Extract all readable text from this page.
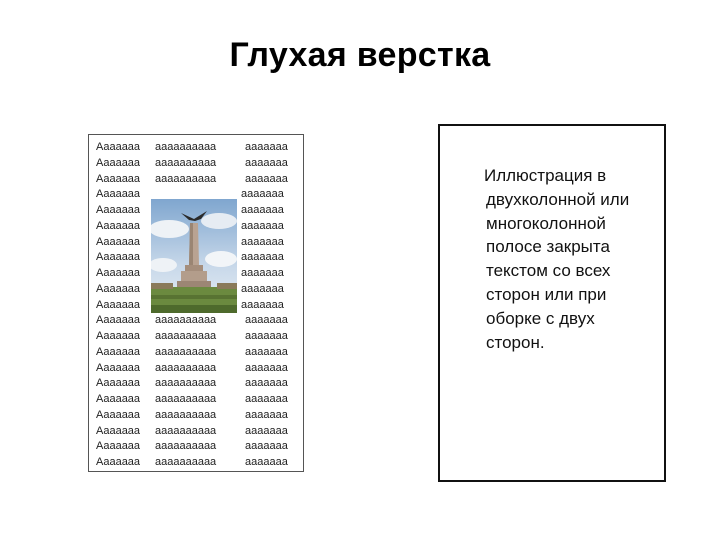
Глухая верстка
Aaaaaaa
Aaaaaaa
Aaaaaaa
Aaaaaaa
Aaaaaaa
Aaaaaaa
Aaaaaaa
Aaaaaaa
Aaaaaaa
Aaaaaaa
Aaaaaaa
Aaaaaaa
Aaaaaaa
Aaaaaaa
Aaaaaaa
Aaaaaaa
Aaaaaaa
Aaaaaaa
Aaaaaaa
Aaaaaaa
Aaaaaaa
aaaaaaaaaa
aaaaaaaaaa
aaaaaaaaaa

aaaaaaaaaa
aaaaaaaaaa
aaaaaaaaaa
aaaaaaaaaa
aaaaaaaaaa
aaaaaaaaaa
aaaaaaaaaa
aaaaaaaaaa
aaaaaaaaaa
aaaaaaaaaa
aaaaaaa
aaaaaaa
aaaaaaa
aaaaaaa
aaaaaaa
aaaaaaa
aaaaaaa
aaaaaaa
aaaaaaa
aaaaaaa
aaaaaaa
aaaaaaa
aaaaaaa
aaaaaaa
aaaaaaa
aaaaaaa
aaaaaaa
aaaaaaa
aaaaaaa
aaaaaaa
aaaaaaa
Иллюстрация в
двухколонной или
многоколонной
полосе закрыта
текстом со всех
сторон или при
оборке с двух
сторон.
